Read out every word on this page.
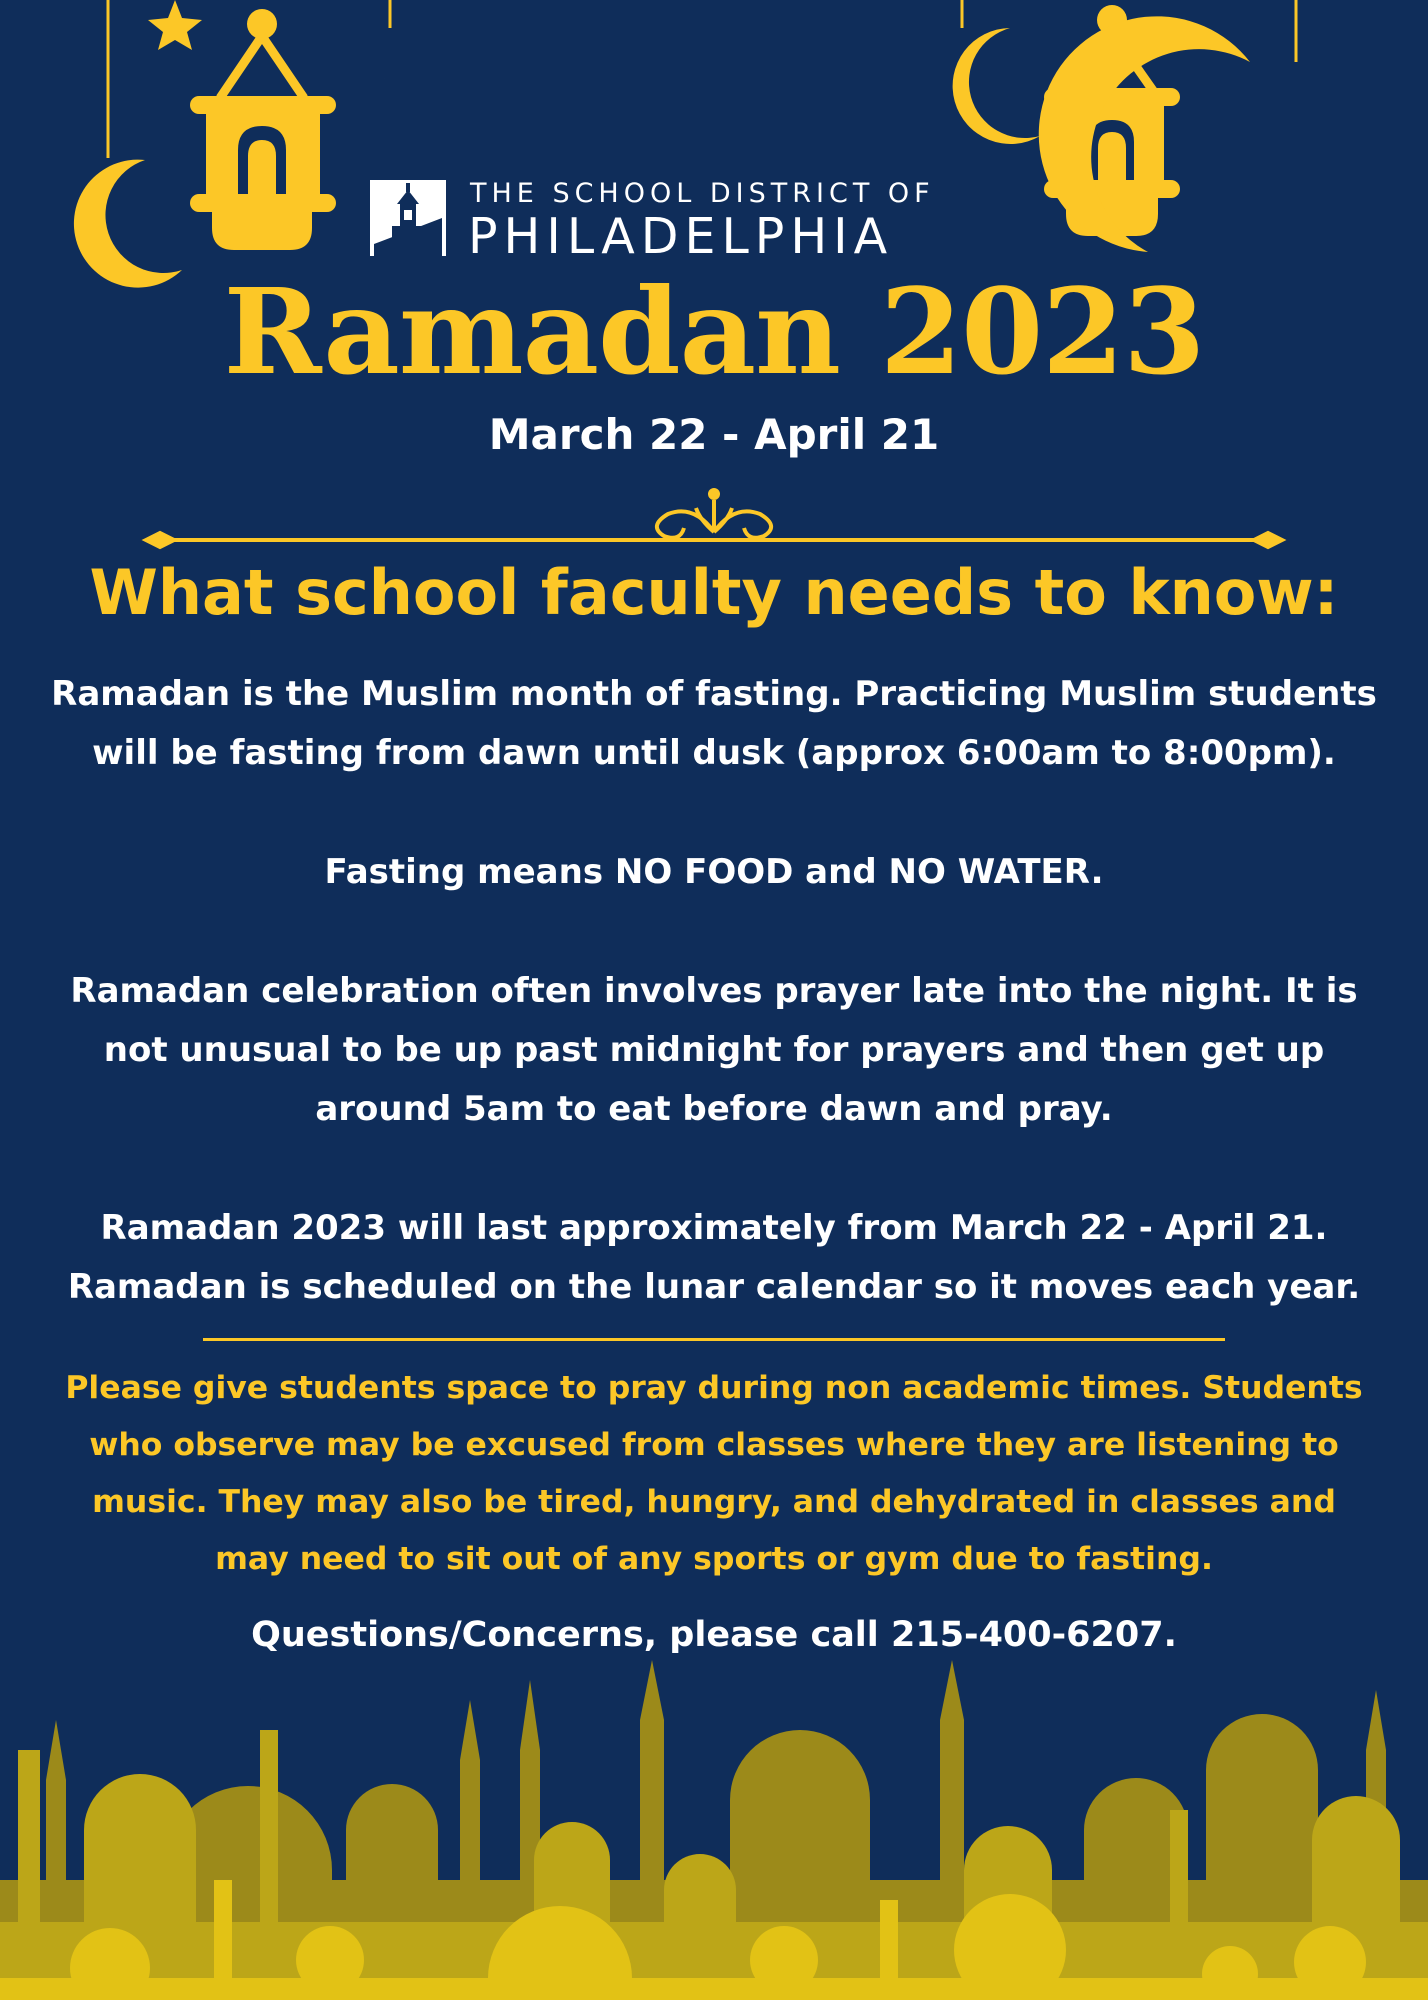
THE SCHOOL DISTRICT OF
PHILADELPHIA
Ramadan 2023
March 22 - April 21
What school faculty needs to know:
Ramadan is the Muslim month of fasting. Practicing Muslim students
will be fasting from dawn until dusk (approx 6:00am to 8:00pm).
Fasting means NO FOOD and NO WATER.
Ramadan celebration often involves prayer late into the night. It is
not unusual to be up past midnight for prayers and then get up
around 5am to eat before dawn and pray.
Ramadan 2023 will last approximately from March 22 - April 21.
Ramadan is scheduled on the lunar calendar so it moves each year.
Please give students space to pray during non academic times. Students
who observe may be excused from classes where they are listening to
music. They may also be tired, hungry, and dehydrated in classes and
may need to sit out of any sports or gym due to fasting.
Questions/Concerns, please call 215-400-6207.
